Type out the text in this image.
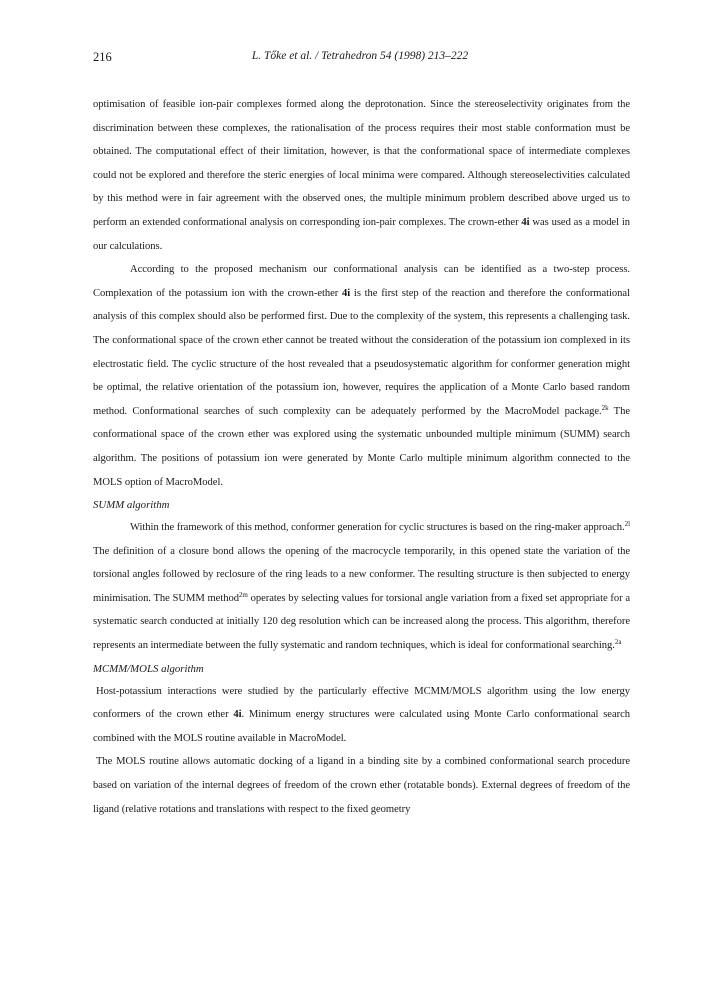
216	L. Tőke et al. / Tetrahedron 54 (1998) 213–222

optimisation of feasible ion-pair complexes formed along the deprotonation. Since the stereoselectivity originates from the discrimination between these complexes, the rationalisation of the process requires their most stable conformation must be obtained. The computational effect of their limitation, however, is that the conformational space of intermediate complexes could not be explored and therefore the steric energies of local minima were compared. Although stereoselectivities calculated by this method were in fair agreement with the observed ones, the multiple minimum problem described above urged us to perform an extended conformational analysis on corresponding ion-pair complexes. The crown-ether 4i was used as a model in our calculations.

According to the proposed mechanism our conformational analysis can be identified as a two-step process. Complexation of the potassium ion with the crown-ether 4i is the first step of the reaction and therefore the conformational analysis of this complex should also be performed first. Due to the complexity of the system, this represents a challenging task. The conformational space of the crown ether cannot be treated without the consideration of the potassium ion complexed in its electrostatic field. The cyclic structure of the host revealed that a pseudosystematic algorithm for conformer generation might be optimal, the relative orientation of the potassium ion, however, requires the application of a Monte Carlo based random method. Conformational searches of such complexity can be adequately performed by the MacroModel package.$^{2k}$ The conformational space of the crown ether was explored using the systematic unbounded multiple minimum (SUMM) search algorithm. The positions of potassium ion were generated by Monte Carlo multiple minimum algorithm connected to the MOLS option of MacroModel.

SUMM algorithm

Within the framework of this method, conformer generation for cyclic structures is based on the ring-maker approach.$^{2l}$ The definition of a closure bond allows the opening of the macrocycle temporarily, in this opened state the variation of the torsional angles followed by reclosure of the ring leads to a new conformer. The resulting structure is then subjected to energy minimisation. The SUMM method$^{2m}$ operates by selecting values for torsional angle variation from a fixed set appropriate for a systematic search conducted at initially 120 deg resolution which can be increased along the process. This algorithm, therefore represents an intermediate between the fully systematic and random techniques, which is ideal for conformational searching.$^{2a}$

MCMM/MOLS algorithm

Host-potassium interactions were studied by the particularly effective MCMM/MOLS algorithm using the low energy conformers of the crown ether 4i. Minimum energy structures were calculated using Monte Carlo conformational search combined with the MOLS routine available in MacroModel.

The MOLS routine allows automatic docking of a ligand in a binding site by a combined conformational search procedure based on variation of the internal degrees of freedom of the crown ether (rotatable bonds). External degrees of freedom of the ligand (relative rotations and translations with respect to the fixed geometry
